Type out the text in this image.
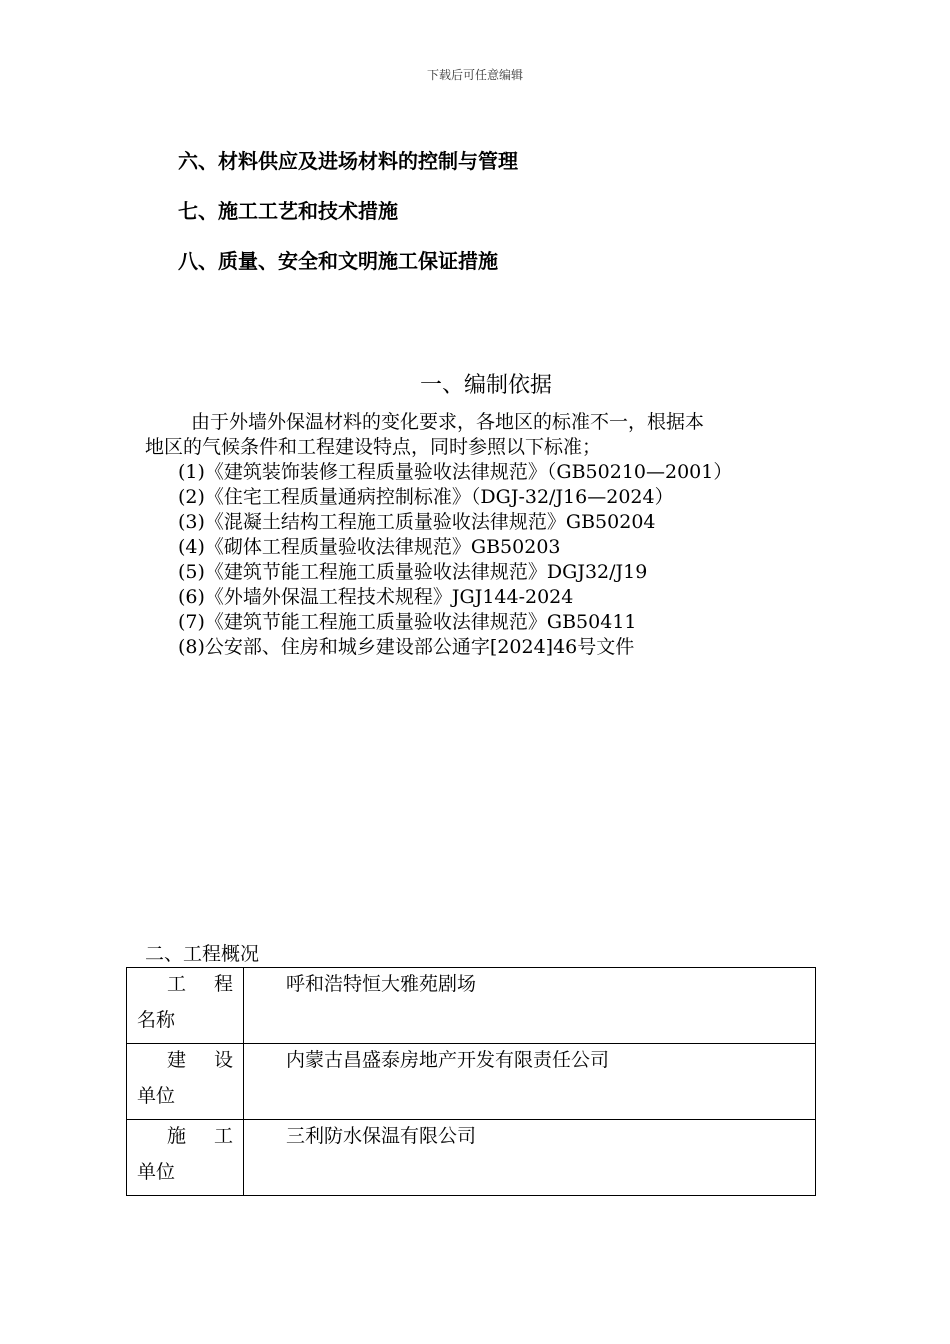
下载后可任意编辑
六、材料供应及进场材料的控制与管理
七、施工工艺和技术措施
八、质量、安全和文明施工保证措施
一、编制依据
由于外墙外保温材料的变化要求，各地区的标准不一，根据本
地区的气候条件和工程建设特点，同时参照以下标准；
(1)《建筑装饰装修工程质量验收法律规范》（GB50210—2001）
(2)《住宅工程质量通病控制标准》（DGJ-32/J16—2024）
(3)《混凝土结构工程施工质量验收法律规范》GB50204
(4)《砌体工程质量验收法律规范》GB50203
(5)《建筑节能工程施工质量验收法律规范》DGJ32/J19
(6)《外墙外保温工程技术规程》JGJ144-2024
(7)《建筑节能工程施工质量验收法律规范》GB50411
(8)公安部、住房和城乡建设部公通字[2024]46号文件
二、工程概况
工 程
名称	呼和浩特恒大雅苑剧场

建 设
单位	内蒙古昌盛泰房地产开发有限责任公司

施 工
单位	三利防水保温有限公司
